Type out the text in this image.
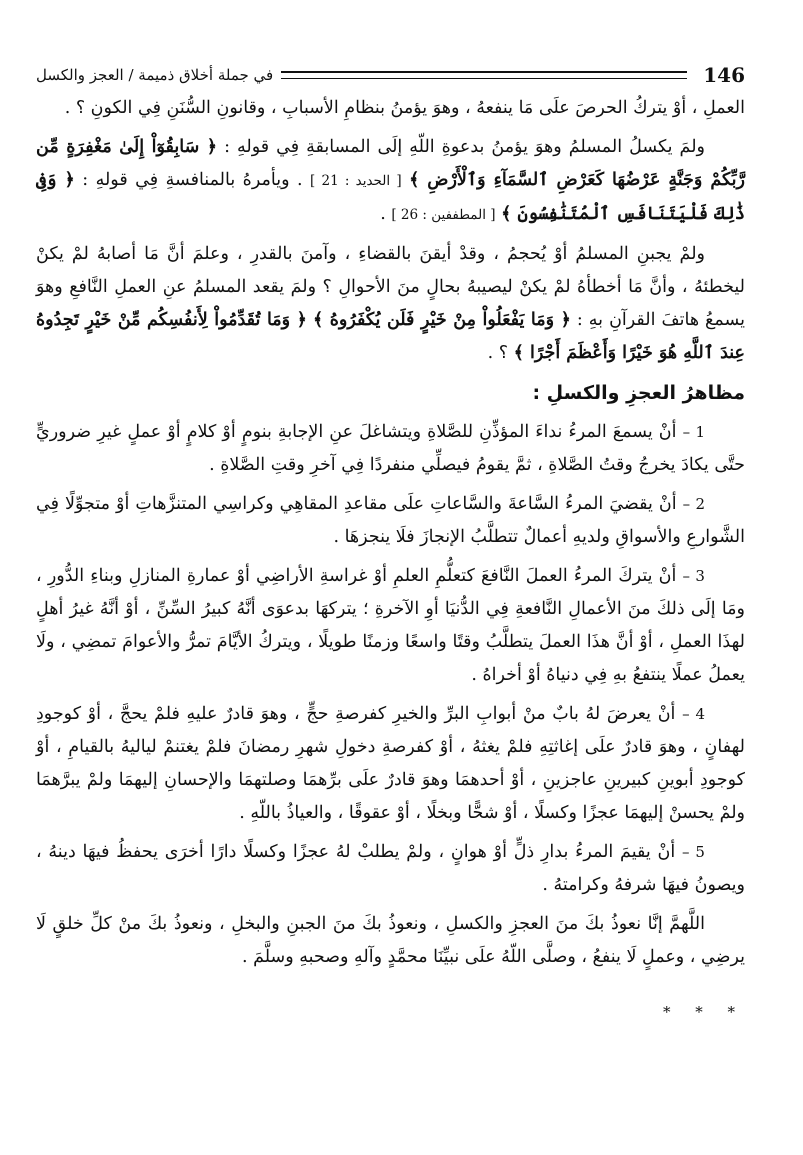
146
في جملة أخلاق ذميمة / العجز والكسل

العملِ ، أوْ يتركُ الحرصَ علَى مَا ينفعهُ ، وهوَ يؤمنُ بنظامِ الأسبابِ ، وقانونِ السُّنَنِ فِي الكونِ ؟ .

ولمَ يكسلُ المسلمُ وهوَ يؤمنُ بدعوةِ اللّهِ إلَى المسابقةِ فِي قولهِ : ﴿ سَابِقُوٓاْ إِلَىٰ مَغْفِرَةٍ مِّن رَّبِّكُمْ وَجَنَّةٍ عَرْضُهَا كَعَرْضِ ٱلسَّمَآءِ وَٱلْأَرْضِ ﴾ [ الحديد : 21 ] . ويأمرهُ بالمنافسةِ فِي قولهِ : ﴿ وَفِى ذَٰلِكَ فَلْيَتَنَافَسِ ٱلْمُتَنَٰفِسُونَ ﴾ [ المطففين : 26 ] .

ولمْ يجبنِ المسلمُ أوْ يُحجمُ ، وقدْ أيقنَ بالقضاءِ ، وآمنَ بالقدرِ ، وعلمَ أنَّ مَا أصابهُ لمْ يكنْ ليخطئهُ ، وأنَّ مَا أخطأهُ لمْ يكنْ ليصيبهُ بحالٍ منَ الأحوالِ ؟ ولمَ يقعد المسلمُ عنِ العملِ النَّافعِ وهوَ يسمعُ هاتفَ القرآنِ بهِ : ﴿ وَمَا يَفْعَلُواْ مِنْ خَيْرٍ فَلَن يُكْفَرُوهُ ﴾ ﴿ وَمَا تُقَدِّمُواْ لِأَنفُسِكُم مِّنْ خَيْرٍ تَجِدُوهُ عِندَ ٱللَّهِ هُوَ خَيْرًا وَأَعْظَمَ أَجْرًا ﴾ ؟ .

مظاهرُ العجزِ والكسلِ :

1 – أنْ يسمعَ المرءُ نداءَ المؤذِّنِ للصَّلاةِ ويتشاغلَ عنِ الإجابةِ بنومٍ أوْ كلامٍ أوْ عملٍ غيرِ ضروريٍّ حتَّى يكادَ يخرجُ وقتُ الصَّلاةِ ، ثمَّ يقومُ فيصلِّي منفردًا فِي آخرِ وقتِ الصَّلاةِ .

2 – أنْ يقضيَ المرءُ السَّاعةَ والسَّاعاتِ علَى مقاعدِ المقاهِي وكراسِي المتنزَّهاتِ أوْ متجوِّلًا فِي الشَّوارعِ والأسواقِ ولديهِ أعمالٌ تتطلَّبُ الإنجازَ فلَا ينجزهَا .

3 – أنْ يتركَ المرءُ العملَ النَّافعَ كتعلُّمِ العلمِ أوْ غراسةِ الأراضِي أوْ عمارةِ المنازلِ وبناءِ الدُّورِ ، ومَا إلَى ذلكَ منَ الأعمالِ النَّافعةِ فِي الدُّنيَا أوِ الآخرةِ ؛ يتركهَا بدعوَى أنَّهُ كبيرُ السِّنِّ ، أوْ أنَّهُ غيرُ أهلٍ لهذَا العملِ ، أوْ أنَّ هذَا العملَ يتطلَّبُ وقتًا واسعًا وزمنًا طويلًا ، ويتركُ الأيَّامَ تمرُّ والأعوامَ تمضِي ، ولَا يعملُ عملًا ينتفعُ بهِ فِي دنياهُ أوْ أخراهُ .

4 – أنْ يعرضَ لهُ بابٌ منْ أبوابِ البرِّ والخيرِ كفرصةِ حجٍّ ، وهوَ قادرٌ عليهِ فلمْ يحجَّ ، أوْ كوجودِ لهفانٍ ، وهوَ قادرٌ علَى إغاثتِهِ فلمْ يغثهُ ، أوْ كفرصةِ دخولِ شهرِ رمضانَ فلمْ يغتنمْ لياليهُ بالقيامِ ، أوْ كوجودِ أبوينِ كبيرينِ عاجزينِ ، أوْ أحدهمَا وهوَ قادرٌ علَى برِّهمَا وصلتهمَا والإحسانِ إليهمَا ولمْ يبرَّهمَا ولمْ يحسنْ إليهمَا عجزًا وكسلًا ، أوْ شحًّا وبخلًا ، أوْ عقوقًا ، والعياذُ باللّهِ .

5 – أنْ يقيمَ المرءُ بدارِ ذلٍّ أوْ هوانٍ ، ولمْ يطلبْ لهُ عجزًا وكسلًا دارًا أخرَى يحفظُ فيهَا دينهُ ، ويصونُ فيهَا شرفهُ وكرامتهُ .

اللَّهمَّ إنَّا نعوذُ بكَ منَ العجزِ والكسلِ ، ونعوذُ بكَ منَ الجبنِ والبخلِ ، ونعوذُ بكَ منْ كلِّ خلقٍ لَا يرضِي ، وعملٍ لَا ينفعُ ، وصلَّى اللّهُ علَى نبيِّنَا محمَّدٍ وآلهِ وصحبهِ وسلَّمَ .

* * *
